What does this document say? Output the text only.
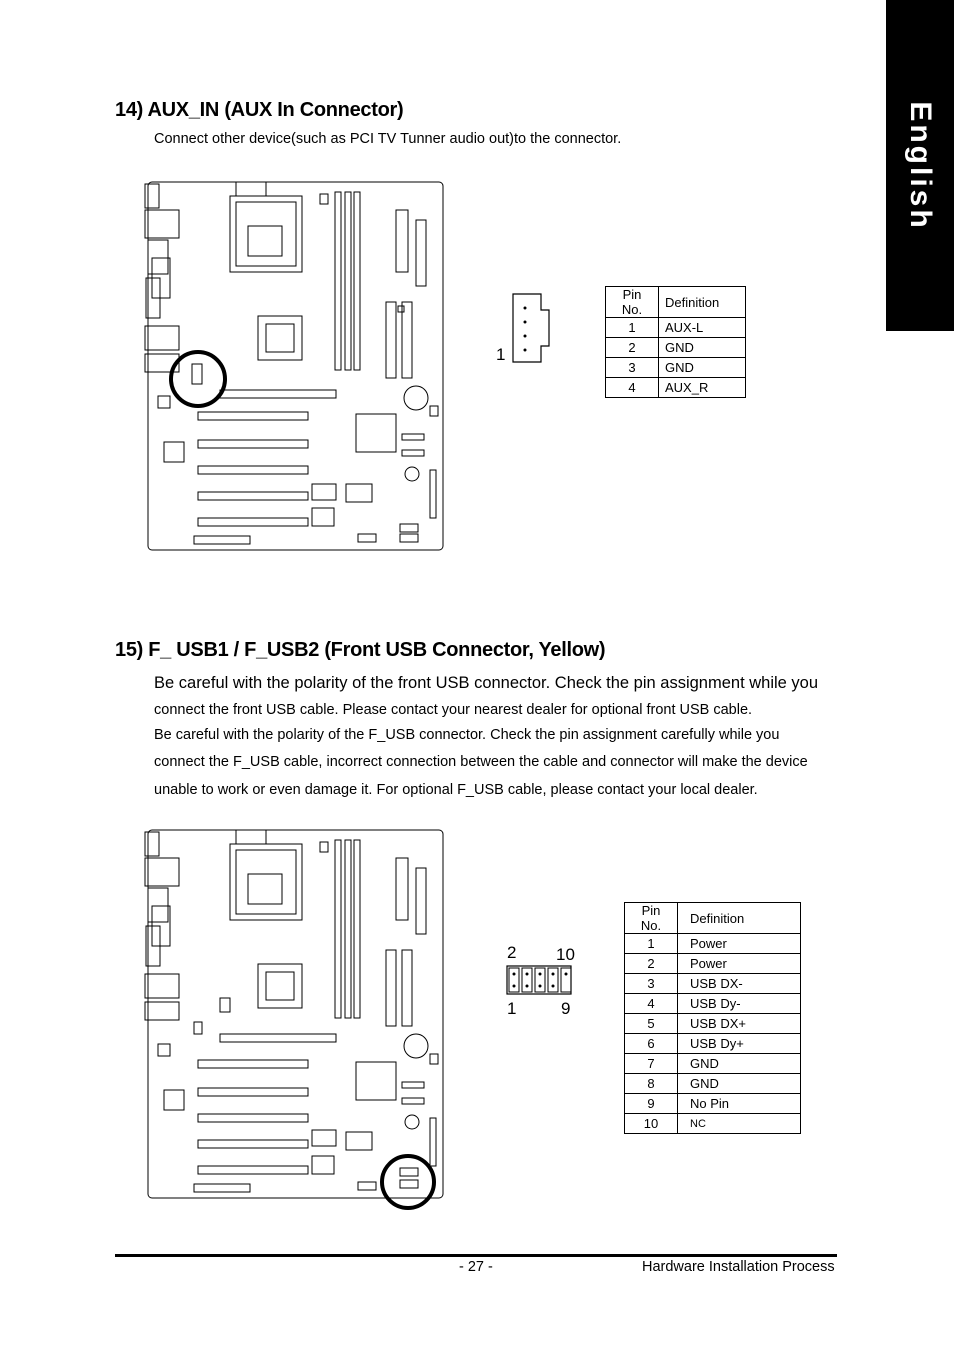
English
14) AUX_IN (AUX In Connector)
Connect other device(such as PCI TV Tunner audio out)to the connector.
1
Pin No.	Definition
1	AUX-L
2	GND
3	GND
4	AUX_R
15) F_ USB1 / F_USB2 (Front USB Connector, Yellow)
Be careful with the polarity of the front USB connector. Check the pin assignment while you
connect the front USB cable. Please contact your nearest dealer for optional front USB cable.
Be careful with the polarity of the F_USB connector. Check the pin assignment carefully while you
connect the F_USB cable, incorrect connection between the cable and connector will make the device
unable to work or even damage it. For optional F_USB cable, please contact your local dealer.
2 10
1	9
Pin No.	Definition
1	Power
2	Power
3	USB DX-
4	USB Dy-
5	USB DX+
6	USB Dy+
7	GND
8	GND
9	No Pin
10	NC
- 27 -	Hardware Installation Process
